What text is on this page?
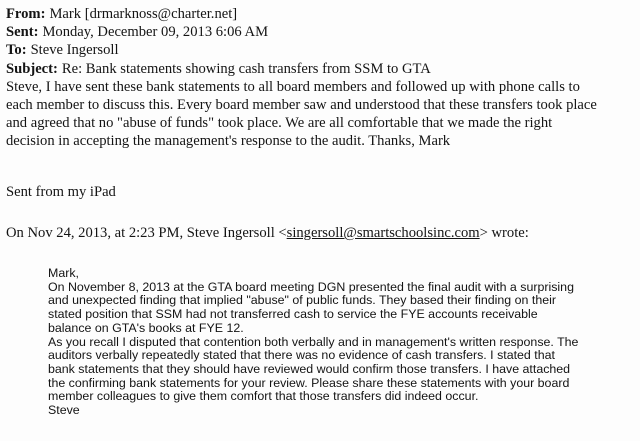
From: Mark [drmarknoss@charter.net]
Sent: Monday, December 09, 2013 6:06 AM
To: Steve Ingersoll
Subject: Re: Bank statements showing cash transfers from SSM to GTA
Steve, I have sent these bank statements to all board members and followed up with phone calls to
each member to discuss this. Every board member saw and understood that these transfers took place
and agreed that no "abuse of funds" took place. We are all comfortable that we made the right
decision in accepting the management's response to the audit. Thanks, Mark
Sent from my iPad
On Nov 24, 2013, at 2:23 PM, Steve Ingersoll <singersoll@smartschoolsinc.com> wrote:
Mark,
On November 8, 2013 at the GTA board meeting DGN presented the final audit with a surprising
and unexpected finding that implied "abuse" of public funds. They based their finding on their
stated position that SSM had not transferred cash to service the FYE accounts receivable
balance on GTA's books at FYE 12.
As you recall I disputed that contention both verbally and in management's written response. The
auditors verbally repeatedly stated that there was no evidence of cash transfers. I stated that
bank statements that they should have reviewed would confirm those transfers. I have attached
the confirming bank statements for your review. Please share these statements with your board
member colleagues to give them comfort that those transfers did indeed occur.
Steve
